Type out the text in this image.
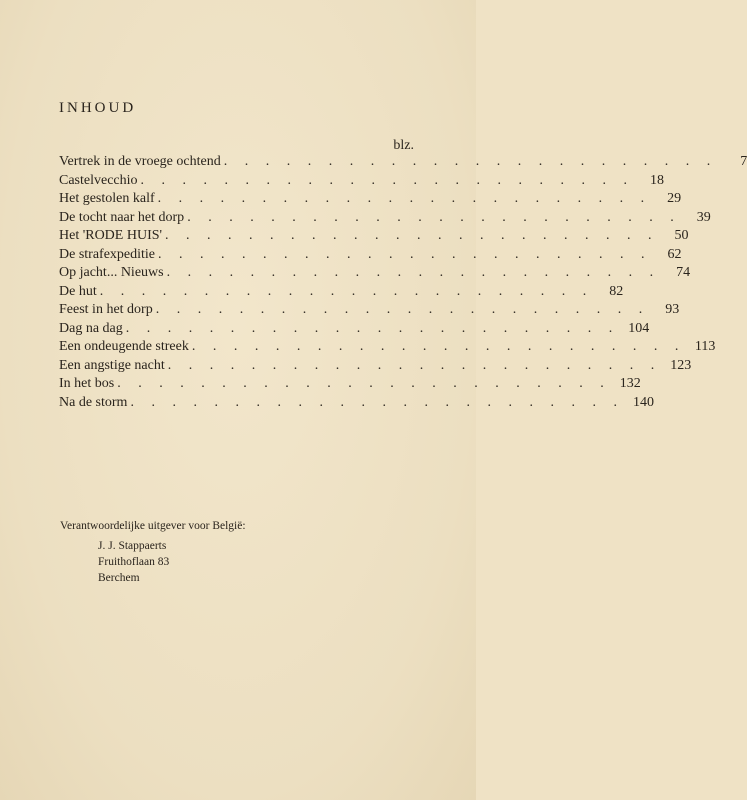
INHOUD
blz.
Vertrek in de vroege ochtend . . . . . . . . . . . . . . . . . . . . . . . .	7
Castelvecchio . . . . . . . . . . . . . . . . . . . . . . . .	18
Het gestolen kalf . . . . . . . . . . . . . . . . . . . . . . . .	29
De tocht naar het dorp . . . . . . . . . . . . . . . . . . . . . . . .	39
Het 'RODE HUIS' . . . . . . . . . . . . . . . . . . . . . . . .	50
De strafexpeditie . . . . . . . . . . . . . . . . . . . . . . . .	62
Op jacht... Nieuws . . . . . . . . . . . . . . . . . . . . . . . .	74
De hut . . . . . . . . . . . . . . . . . . . . . . . .	82
Feest in het dorp . . . . . . . . . . . . . . . . . . . . . . . .	93
Dag na dag . . . . . . . . . . . . . . . . . . . . . . . . 104
Een ondeugende streek . . . . . . . . . . . . . . . . . . . . . . . . 113
Een angstige nacht . . . . . . . . . . . . . . . . . . . . . . . . 123
In het bos . . . . . . . . . . . . . . . . . . . . . . . . 132
Na de storm . . . . . . . . . . . . . . . . . . . . . . . . 140
Verantwoordelijke uitgever voor België:
J. J. Stappaerts
Fruithoflaan 83
Berchem
